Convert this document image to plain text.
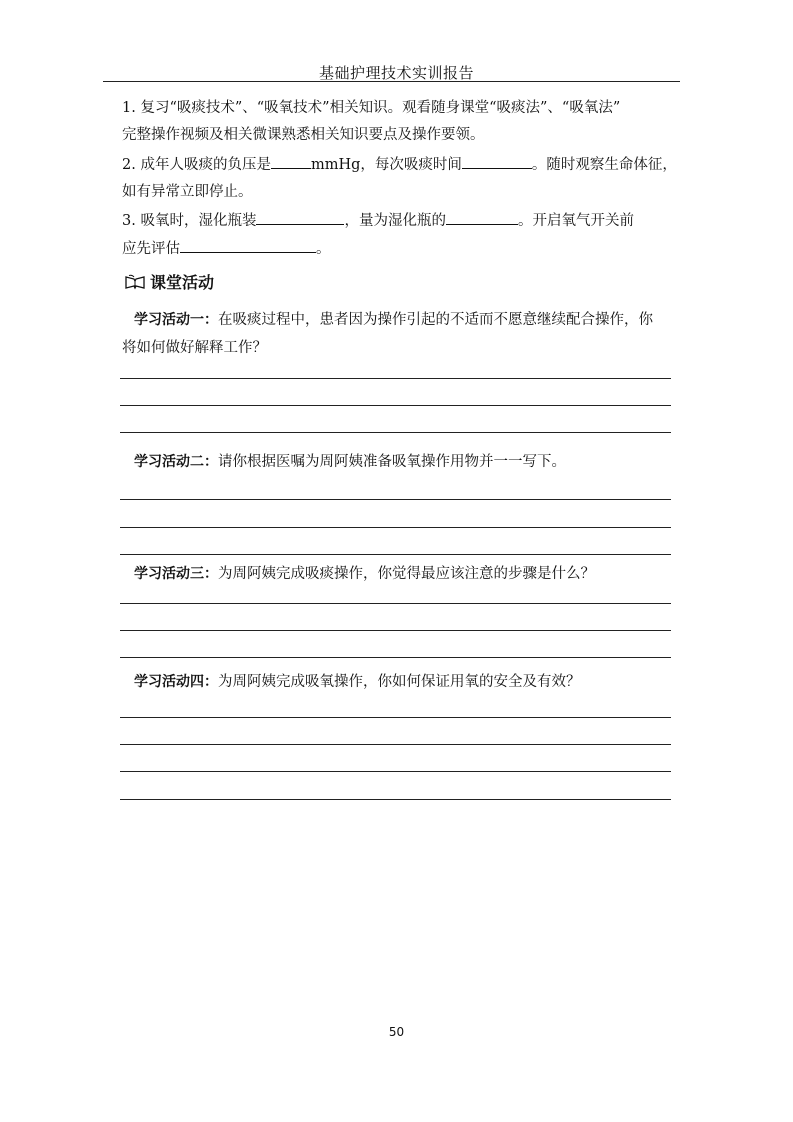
基础护理技术实训报告
1. 复习“吸痰技术”、“吸氧技术”相关知识。观看随身课堂“吸痰法”、“吸氧法”
完整操作视频及相关微课熟悉相关知识要点及操作要领。
2. 成年人吸痰的负压是	mmHg，每次吸痰时间	。随时观察生命体征，
如有异常立即停止。
3. 吸氧时，湿化瓶装	，量为湿化瓶的	。开启氧气开关前
应先评估	。
课堂活动
学习活动一：在吸痰过程中，患者因为操作引起的不适而不愿意继续配合操作，你
将如何做好解释工作？
学习活动二：请你根据医嘱为周阿姨准备吸氧操作用物并一一写下。
学习活动三：为周阿姨完成吸痰操作，你觉得最应该注意的步骤是什么？
学习活动四：为周阿姨完成吸氧操作，你如何保证用氧的安全及有效？
50
